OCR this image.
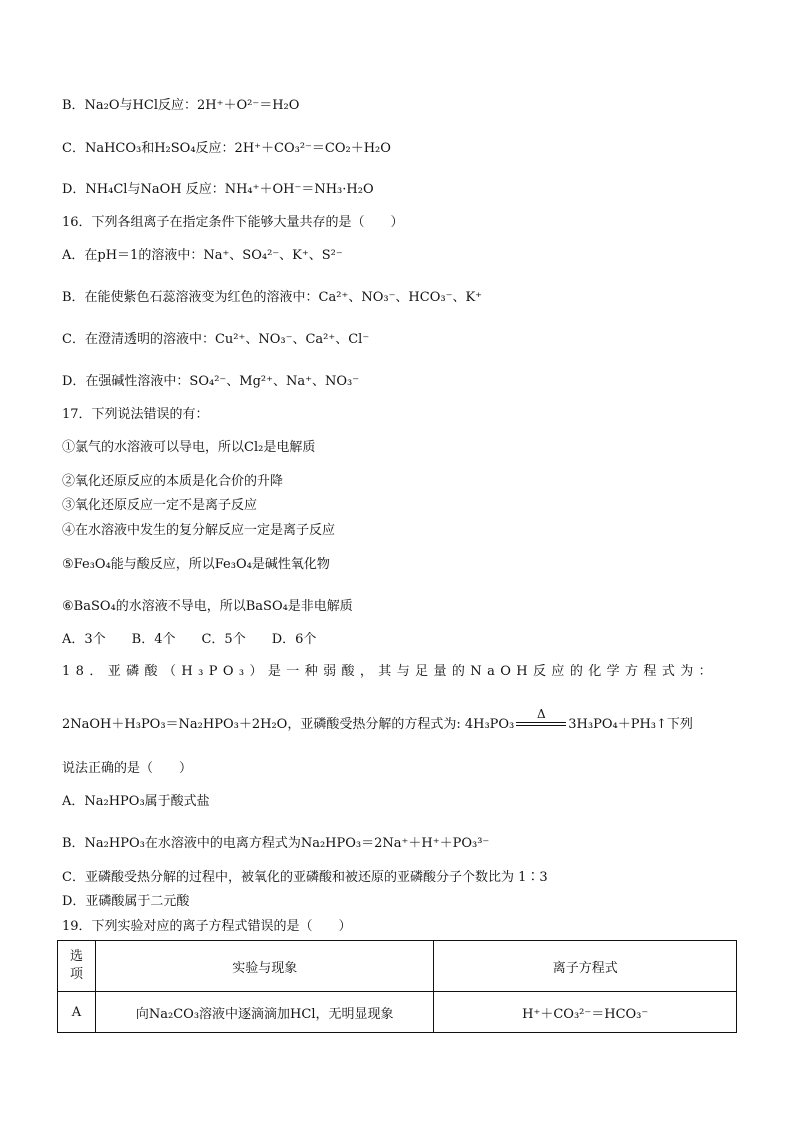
B．Na₂O与HCl反应：2H⁺＋O²⁻＝H₂O
C．NaHCO₃和H₂SO₄反应：2H⁺＋CO₃²⁻＝CO₂＋H₂O
D．NH₄Cl与NaOH 反应：NH₄⁺＋OH⁻＝NH₃·H₂O
16．下列各组离子在指定条件下能够大量共存的是（　　）
A．在pH＝1的溶液中：Na⁺、SO₄²⁻、K⁺、S²⁻
B．在能使紫色石蕊溶液变为红色的溶液中：Ca²⁺、NO₃⁻、HCO₃⁻、K⁺
C．在澄清透明的溶液中：Cu²⁺、NO₃⁻、Ca²⁺、Cl⁻
D．在强碱性溶液中：SO₄²⁻、Mg²⁺、Na⁺、NO₃⁻
17．下列说法错误的有：
①氯气的水溶液可以导电，所以Cl₂是电解质
②氧化还原反应的本质是化合价的升降
③氧化还原反应一定不是离子反应
④在水溶液中发生的复分解反应一定是离子反应
⑤Fe₃O₄能与酸反应，所以Fe₃O₄是碱性氧化物
⑥BaSO₄的水溶液不导电，所以BaSO₄是非电解质
A．3个　　B．4个　　C．5个　　D．6个
18．亚磷酸（H₃PO₃）是一种弱酸，其与足量的NaOH反应的化学方程式为：
2NaOH＋H₃PO₃＝Na₂HPO₃＋2H₂O，亚磷酸受热分解的方程式为: 4H₃PO₃
Δ
3H₃PO₄＋PH₃↑下列
说法正确的是（　　）
A．Na₂HPO₃属于酸式盐
B．Na₂HPO₃在水溶液中的电离方程式为Na₂HPO₃＝2Na⁺＋H⁺＋PO₃³⁻
C．亚磷酸受热分解的过程中，被氧化的亚磷酸和被还原的亚磷酸分子个数比为 1∶3
D．亚磷酸属于二元酸
19．下列实验对应的离子方程式错误的是（　　）
选
项	实验与现象	离子方程式
A	向Na₂CO₃溶液中逐滴滴加HCl，无明显现象	H⁺＋CO₃²⁻＝HCO₃⁻
